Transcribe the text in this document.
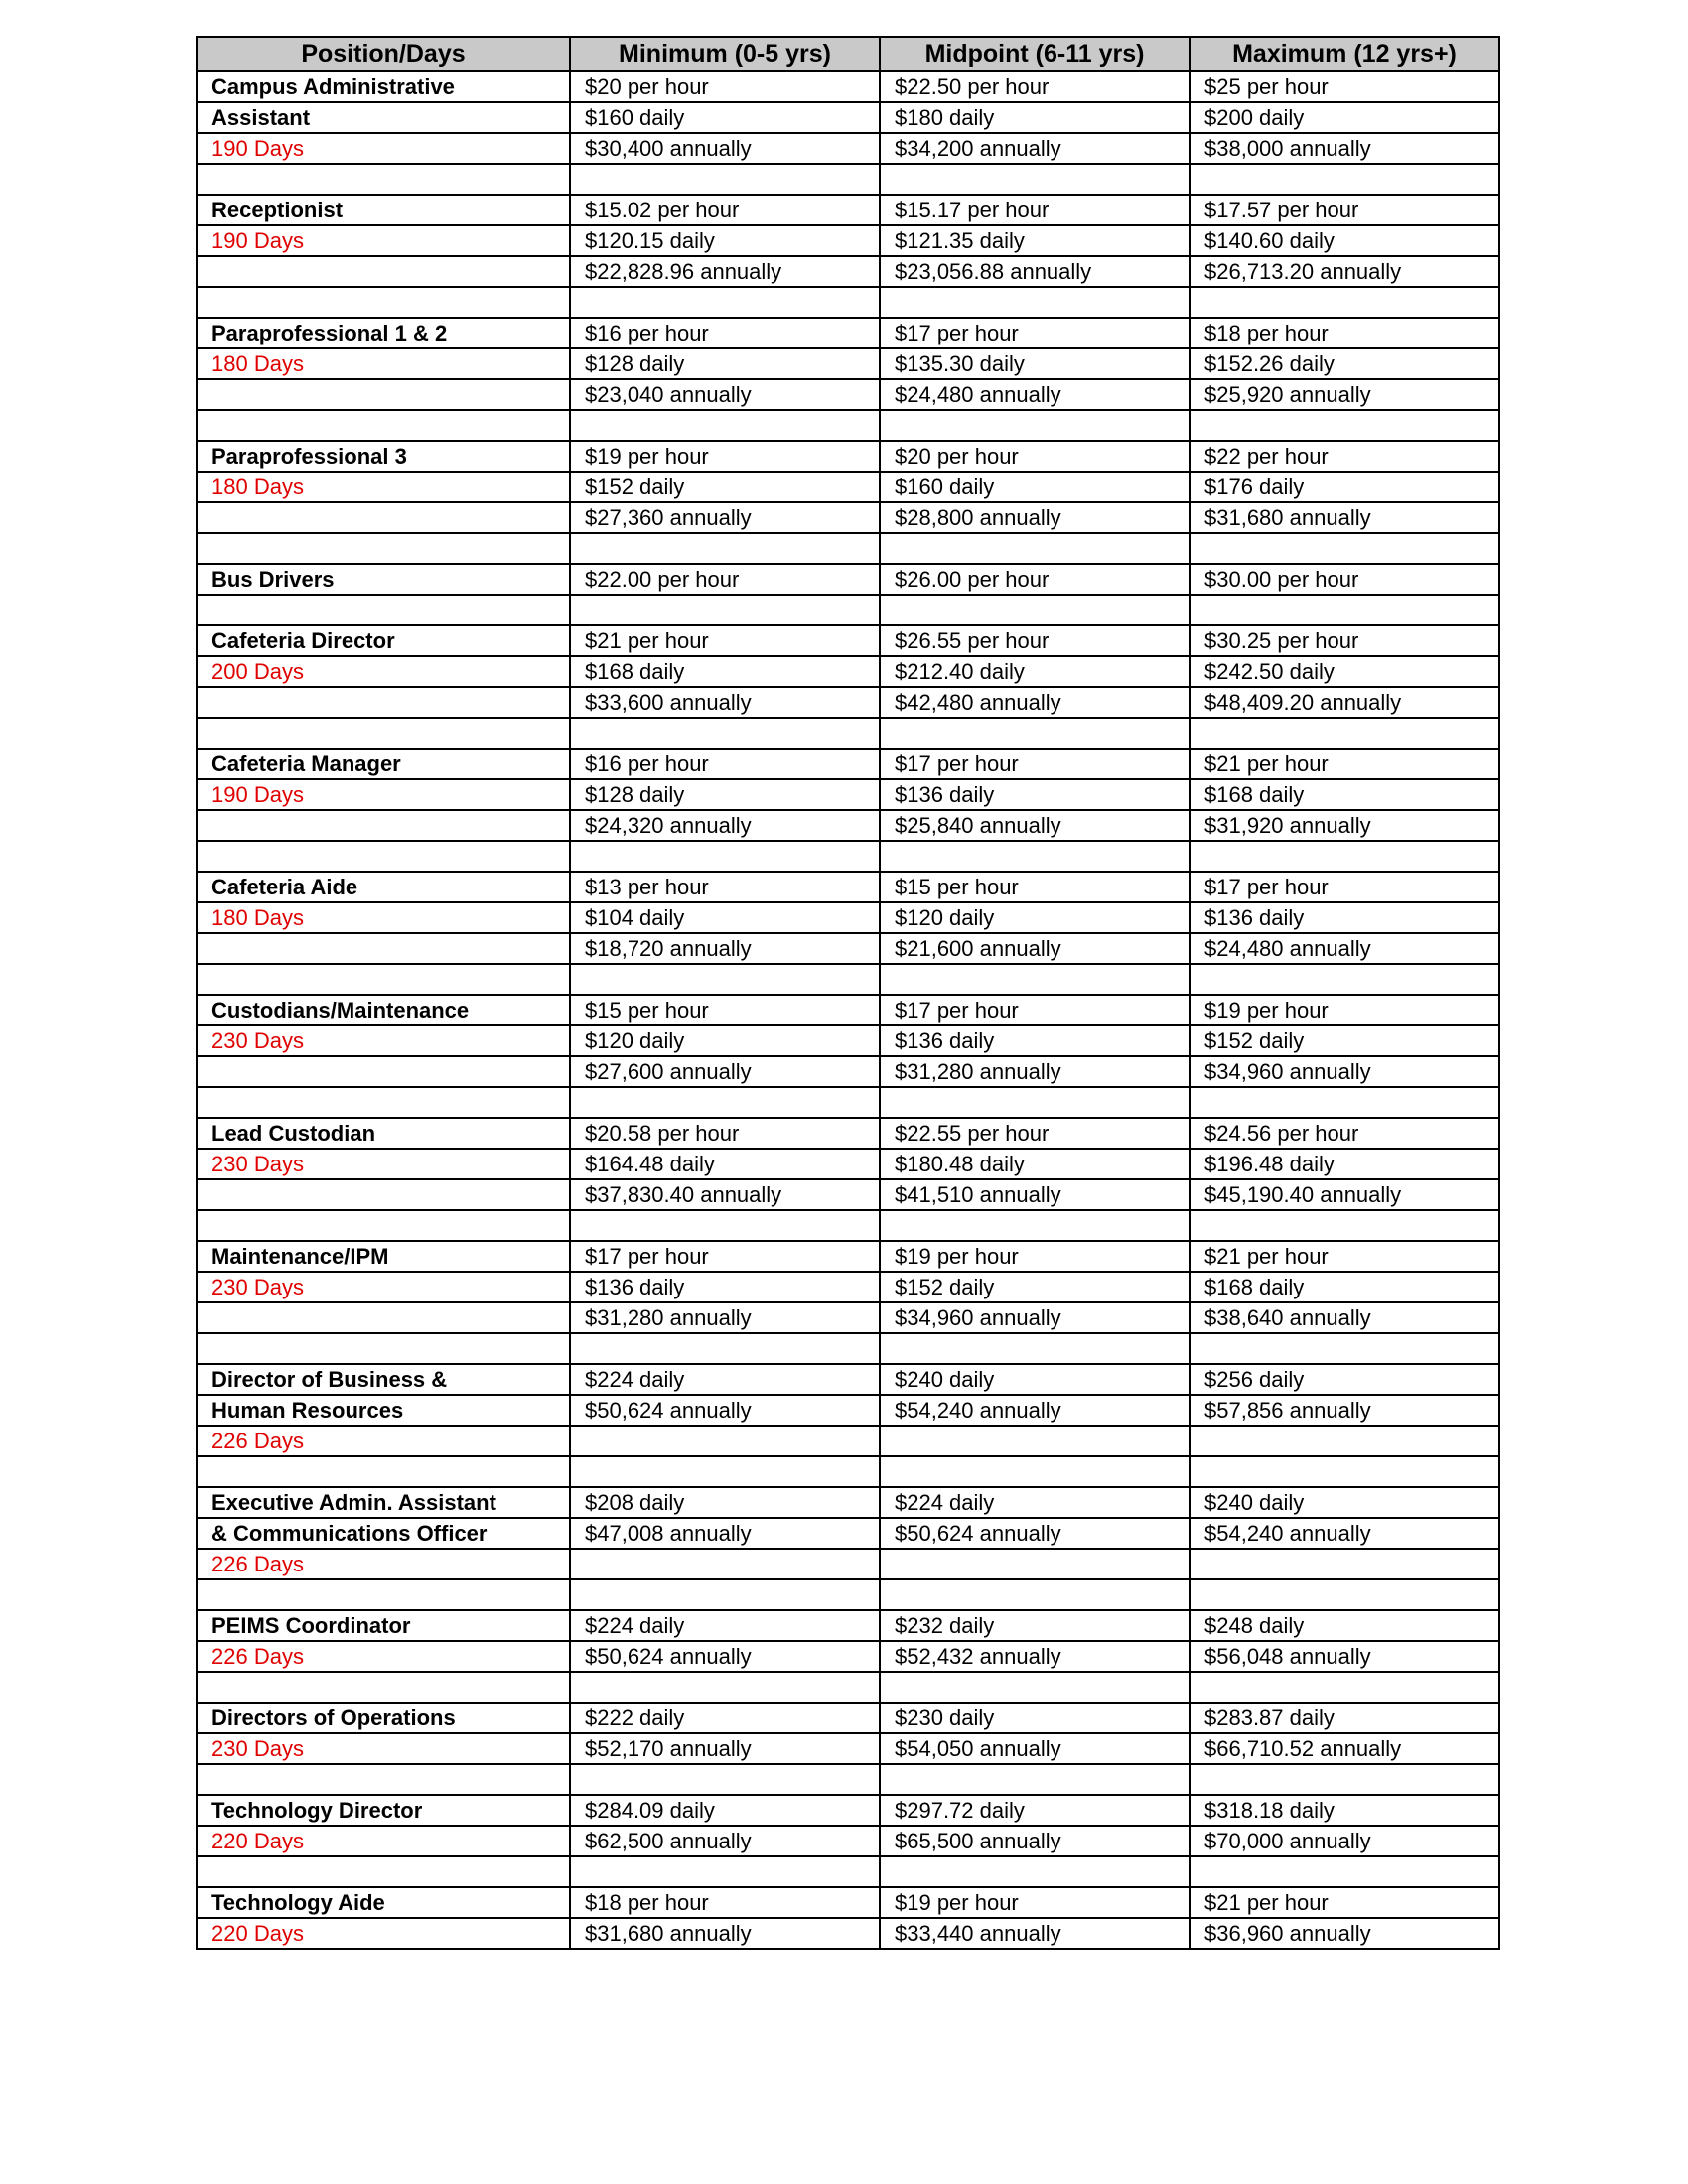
Position/Days	Minimum (0-5 yrs)	Midpoint (6-11 yrs)	Maximum (12 yrs+)
Campus Administrative	$20 per hour	$22.50 per hour	$25 per hour
Assistant	$160 daily	$180 daily	$200 daily
190 Days	$30,400 annually	$34,200 annually	$38,000 annually

Receptionist	$15.02 per hour	$15.17 per hour	$17.57 per hour
190 Days	$120.15 daily	$121.35 daily	$140.60 daily
	$22,828.96 annually	$23,056.88 annually	$26,713.20 annually

Paraprofessional 1 & 2	$16 per hour	$17 per hour	$18 per hour
180 Days	$128 daily	$135.30 daily	$152.26 daily
	$23,040 annually	$24,480 annually	$25,920 annually

Paraprofessional 3	$19 per hour	$20 per hour	$22 per hour
180 Days	$152 daily	$160 daily	$176 daily
	$27,360 annually	$28,800 annually	$31,680 annually

Bus Drivers	$22.00 per hour	$26.00 per hour	$30.00 per hour

Cafeteria Director	$21 per hour	$26.55 per hour	$30.25 per hour
200 Days	$168 daily	$212.40 daily	$242.50 daily
	$33,600 annually	$42,480 annually	$48,409.20 annually

Cafeteria Manager	$16 per hour	$17 per hour	$21 per hour
190 Days	$128 daily	$136 daily	$168 daily
	$24,320 annually	$25,840 annually	$31,920 annually

Cafeteria Aide	$13 per hour	$15 per hour	$17 per hour
180 Days	$104 daily	$120 daily	$136 daily
	$18,720 annually	$21,600 annually	$24,480 annually

Custodians/Maintenance	$15 per hour	$17 per hour	$19 per hour
230 Days	$120 daily	$136 daily	$152 daily
	$27,600 annually	$31,280 annually	$34,960 annually

Lead Custodian	$20.58 per hour	$22.55 per hour	$24.56 per hour
230 Days	$164.48 daily	$180.48 daily	$196.48 daily
	$37,830.40 annually	$41,510 annually	$45,190.40 annually

Maintenance/IPM	$17 per hour	$19 per hour	$21 per hour
230 Days	$136 daily	$152 daily	$168 daily
	$31,280 annually	$34,960 annually	$38,640 annually

Director of Business &	$224 daily	$240 daily	$256 daily
Human Resources	$50,624 annually	$54,240 annually	$57,856 annually
226 Days			

Executive Admin. Assistant	$208 daily	$224 daily	$240 daily
& Communications Officer	$47,008 annually	$50,624 annually	$54,240 annually
226 Days			

PEIMS Coordinator	$224 daily	$232 daily	$248 daily
226 Days	$50,624 annually	$52,432 annually	$56,048 annually

Directors of Operations	$222 daily	$230 daily	$283.87 daily
230 Days	$52,170 annually	$54,050 annually	$66,710.52 annually

Technology Director	$284.09 daily	$297.72 daily	$318.18 daily
220 Days	$62,500 annually	$65,500 annually	$70,000 annually

Technology Aide	$18 per hour	$19 per hour	$21 per hour
220 Days	$31,680 annually	$33,440 annually	$36,960 annually
